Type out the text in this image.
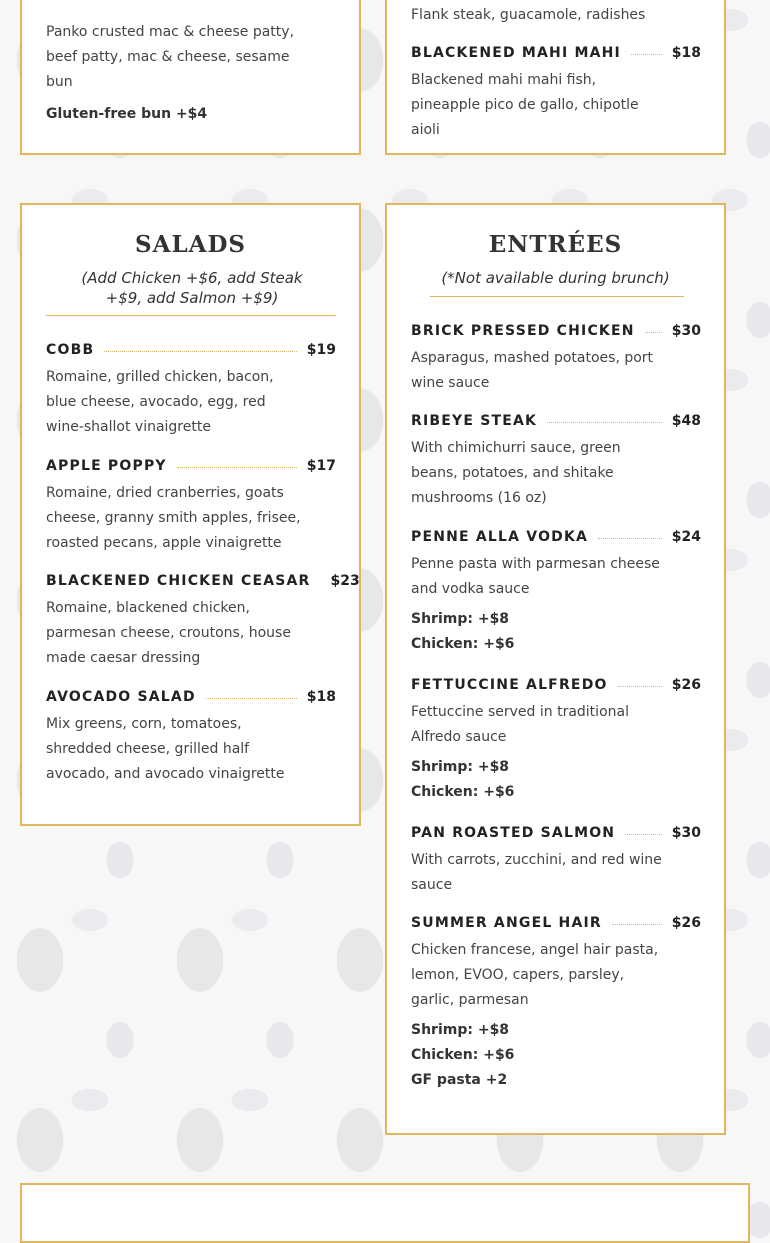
Panko crusted mac & cheese patty, beef patty, mac & cheese, sesame bun
Gluten-free bun +$4
Flank steak, guacamole, radishes
BLACKENED MAHI MAHI	$18
Blackened mahi mahi fish, pineapple pico de gallo, chipotle aioli
SALADS
(Add Chicken +$6, add Steak +$9, add Salmon +$9)
COBB	$19
Romaine, grilled chicken, bacon, blue cheese, avocado, egg, red wine-shallot vinaigrette
APPLE POPPY	$17
Romaine, dried cranberries, goats cheese, granny smith apples, frisee, roasted pecans, apple vinaigrette
BLACKENED CHICKEN CEASAR $23
Romaine, blackened chicken, parmesan cheese, croutons, house made caesar dressing
AVOCADO SALAD	$18
Mix greens, corn, tomatoes, shredded cheese, grilled half avocado, and avocado vinaigrette
ENTRÉES
(*Not available during brunch)
BRICK PRESSED CHICKEN	$30
Asparagus, mashed potatoes, port wine sauce
RIBEYE STEAK	$48
With chimichurri sauce, green beans, potatoes, and shitake mushrooms (16 oz)
PENNE ALLA VODKA	$24
Penne pasta with parmesan cheese and vodka sauce
Shrimp: +$8
Chicken: +$6
FETTUCCINE ALFREDO	$26
Fettuccine served in traditional Alfredo sauce
Shrimp: +$8
Chicken: +$6
PAN ROASTED SALMON	$30
With carrots, zucchini, and red wine sauce
SUMMER ANGEL HAIR	$26
Chicken francese, angel hair pasta, lemon, EVOO, capers, parsley, garlic, parmesan
Shrimp: +$8
Chicken: +$6
GF pasta +2
